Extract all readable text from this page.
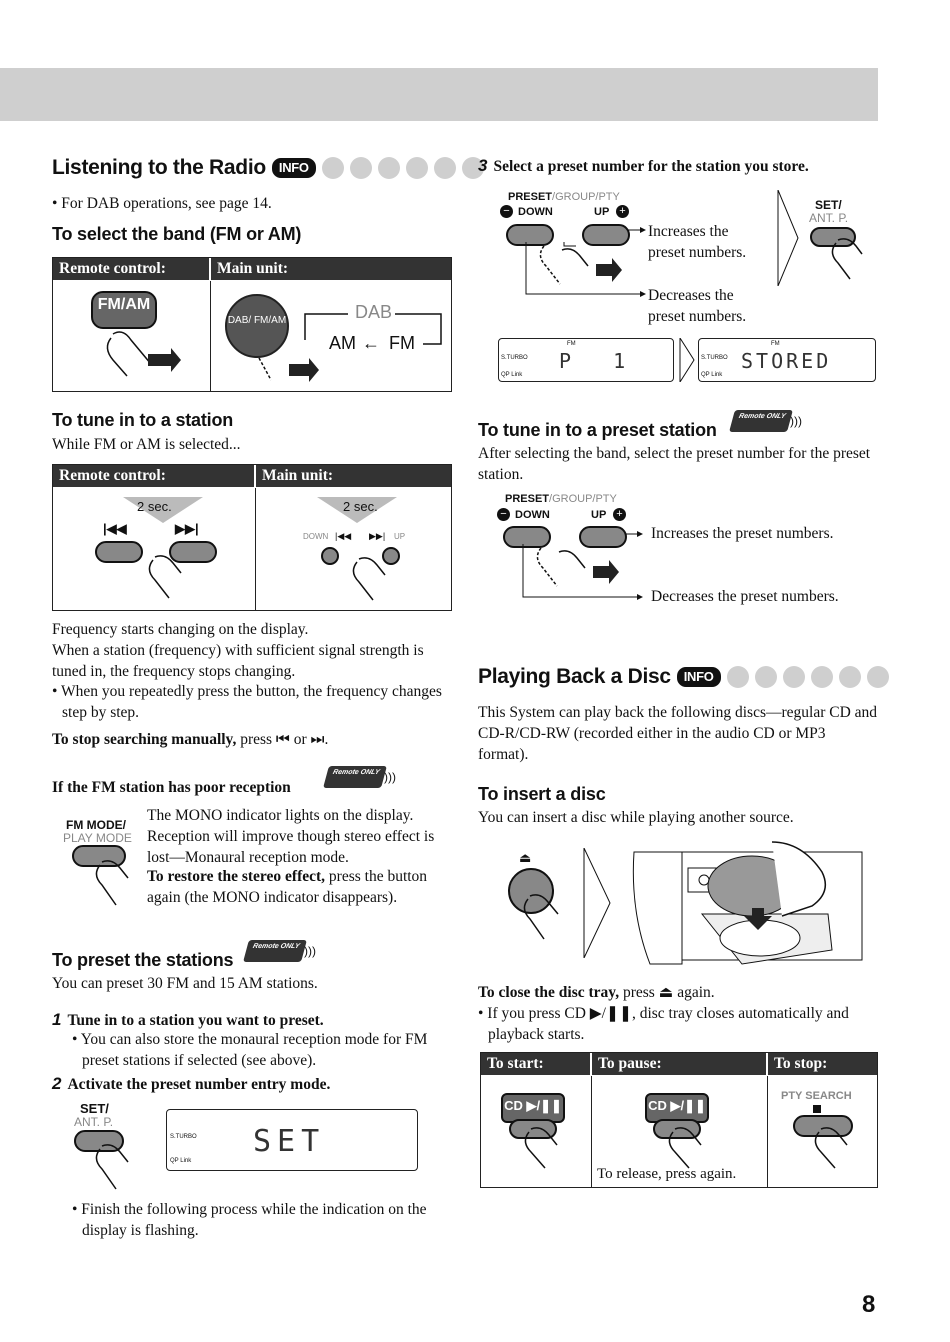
Listening to the Radio	INFO
• For DAB operations, see page 14.
To select the band (FM or AM)
Remote control:	Main unit:
FM/AM
DAB/ FM/AM	DAB
AM ← FM
To tune in to a station
While FM or AM is selected...
Remote control:	Main unit:
2 sec.
|◀◀	▶▶|
2 sec.
DOWN |◀◀ ▶▶| UP
Frequency starts changing on the display.
When a station (frequency) with sufficient signal strength is tuned in, the frequency stops changing.
• When you repeatedly press the button, the frequency changes step by step.
To stop searching manually, press ⏮ or ⏭.
If the FM station has poor reception
Remote ONLY )))
FM MODE/
PLAY MODE
The MONO indicator lights on the display. Reception will improve though stereo effect is lost—Monaural reception mode.
To restore the stereo effect, press the button again (the MONO indicator disappears).
To preset the stations
Remote ONLY )))
You can preset 30 FM and 15 AM stations.
1 Tune in to a station you want to preset.
• You can also store the monaural reception mode for FM preset stations if selected (see above).
2 Activate the preset number entry mode.
SET/
ANT. P.
S.TURBO
QP Link
SET
• Finish the following process while the indication on the display is flashing.
3 Select a preset number for the station you store.
PRESET/GROUP/PTY
− DOWN	UP +
Increases the preset numbers.
Decreases the preset numbers.
SET/
ANT. P.
FM
S.TURBO
QP Link
P  1
FM
S.TURBO
QP Link
STORED
To tune in to a preset station
Remote ONLY )))
After selecting the band, select the preset number for the preset station.
PRESET/GROUP/PTY
− DOWN	UP +
Increases the preset numbers.
Decreases the preset numbers.
Playing Back a Disc	INFO
This System can play back the following discs—regular CD and CD-R/CD-RW (recorded either in the audio CD or MP3 format).
To insert a disc
You can insert a disc while playing another source.
⏏
To close the disc tray, press ⏏ again.
• If you press CD ▶/❚❚, disc tray closes automatically and playback starts.
To start:	To pause:	To stop:
CD ▶/❚❚	CD ▶/❚❚
To release, press again.
PTY SEARCH
8
